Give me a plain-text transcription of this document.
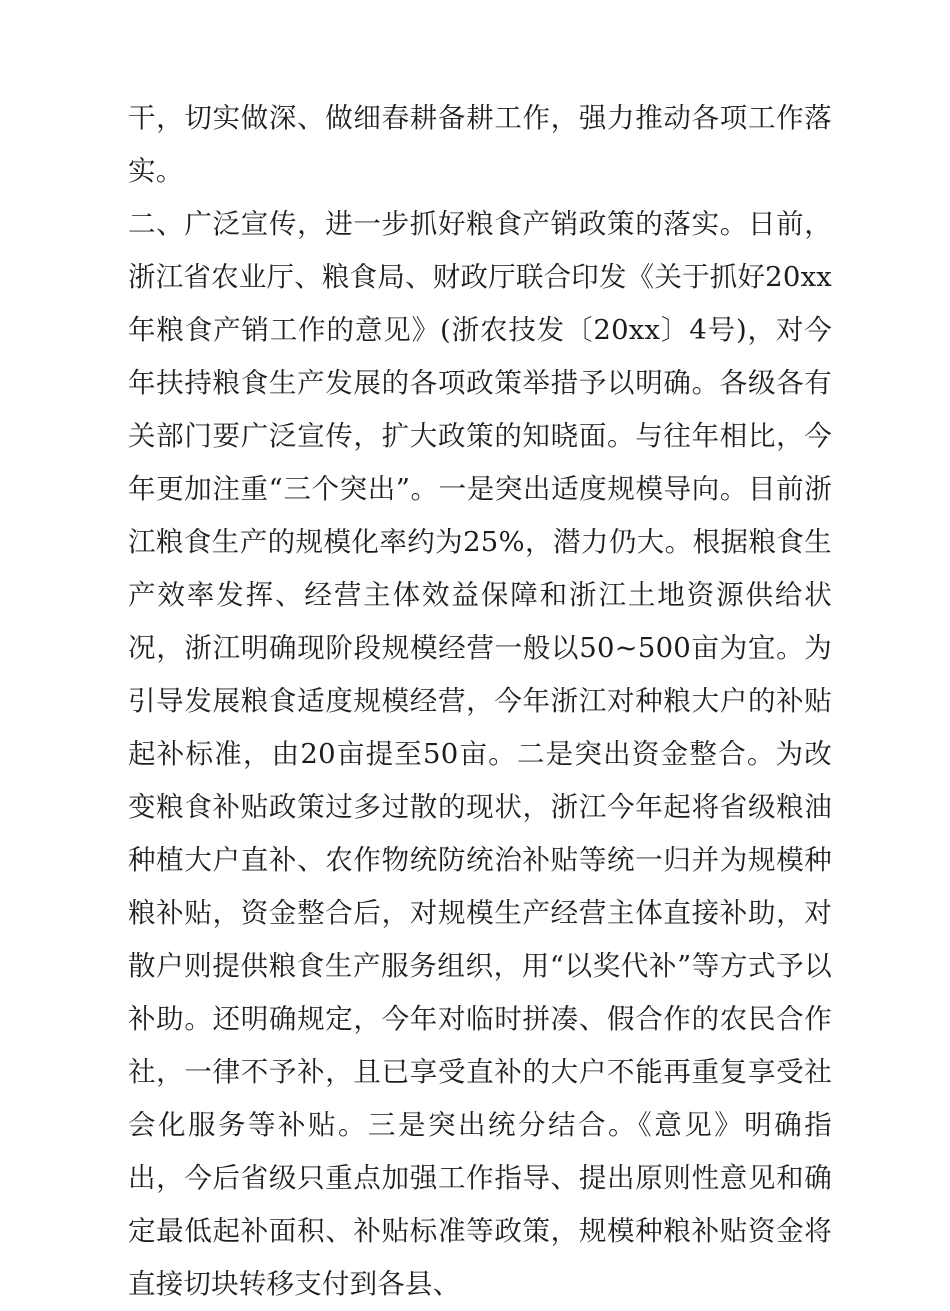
干，切实做深、做细春耕备耕工作，强力推动各项工作落实。

二、广泛宣传，进一步抓好粮食产销政策的落实。日前，浙江省农业厅、粮食局、财政厅联合印发《关于抓好20xx年粮食产销工作的意见》(浙农技发〔20xx〕4号)，对今年扶持粮食生产发展的各项政策举措予以明确。各级各有关部门要广泛宣传，扩大政策的知晓面。与往年相比，今年更加注重“三个突出”。一是突出适度规模导向。目前浙江粮食生产的规模化率约为25%，潜力仍大。根据粮食生产效率发挥、经营主体效益保障和浙江土地资源供给状况，浙江明确现阶段规模经营一般以50~500亩为宜。为引导发展粮食适度规模经营，今年浙江对种粮大户的补贴起补标准，由20亩提至50亩。二是突出资金整合。为改变粮食补贴政策过多过散的现状，浙江今年起将省级粮油种植大户直补、农作物统防统治补贴等统一归并为规模种粮补贴，资金整合后，对规模生产经营主体直接补助，对散户则提供粮食生产服务组织，用“以奖代补”等方式予以补助。还明确规定，今年对临时拼凑、假合作的农民合作社，一律不予补，且已享受直补的大户不能再重复享受社会化服务等补贴。三是突出统分结合。《意见》明确指出，今后省级只重点加强工作指导、提出原则性意见和确定最低起补面积、补贴标准等政策，规模种粮补贴资金将直接切块转移支付到各县、
